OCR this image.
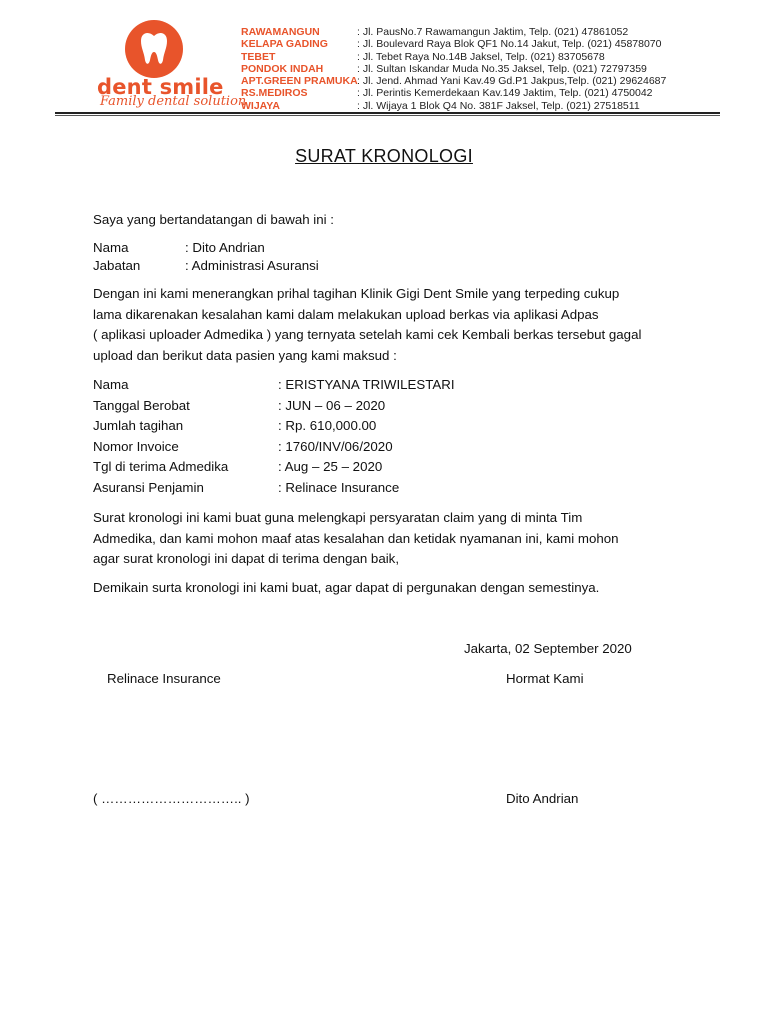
dent smile
Family dental solution
RAWAMANGUN	: Jl. PausNo.7 Rawamangun Jaktim, Telp. (021) 47861052
KELAPA GADING	: Jl. Boulevard Raya Blok QF1 No.14 Jakut, Telp. (021) 45878070
TEBET	: Jl. Tebet Raya No.14B Jaksel, Telp. (021) 83705678
PONDOK INDAH	: Jl. Sultan Iskandar Muda No.35 Jaksel, Telp. (021) 72797359
APT.GREEN PRAMUKA : Jl. Jend. Ahmad Yani Kav.49 Gd.P1 Jakpus,Telp. (021) 29624687
RS.MEDIROS	: Jl. Perintis Kemerdekaan Kav.149 Jaktim, Telp. (021) 4750042
WIJAYA	: Jl. Wijaya 1 Blok Q4 No. 381F Jaksel, Telp. (021) 27518511
SURAT KRONOLOGI
Saya yang bertandatangan di bawah ini :
Nama	: Dito Andrian
Jabatan	: Administrasi Asuransi
Dengan ini kami menerangkan prihal tagihan Klinik Gigi Dent Smile yang terpeding cukup
lama dikarenakan kesalahan kami dalam melakukan upload berkas via aplikasi Adpas
( aplikasi uploader Admedika ) yang ternyata setelah kami cek Kembali berkas tersebut gagal
upload dan berikut data pasien yang kami maksud :
Nama	: ERISTYANA TRIWILESTARI
Tanggal Berobat	: JUN – 06 – 2020
Jumlah tagihan	: Rp. 610,000.00
Nomor Invoice	: 1760/INV/06/2020
Tgl di terima Admedika	: Aug – 25 – 2020
Asuransi Penjamin	: Relinace Insurance
Surat kronologi ini kami buat guna melengkapi persyaratan claim yang di minta Tim
Admedika, dan kami mohon maaf atas kesalahan dan ketidak nyamanan ini, kami mohon
agar surat kronologi ini dapat di terima dengan baik,
Demikain surta kronologi ini kami buat, agar dapat di pergunakan dengan semestinya.
Jakarta, 02 September 2020
Relinace Insurance	Hormat Kami
( ………………………….. )	Dito Andrian
